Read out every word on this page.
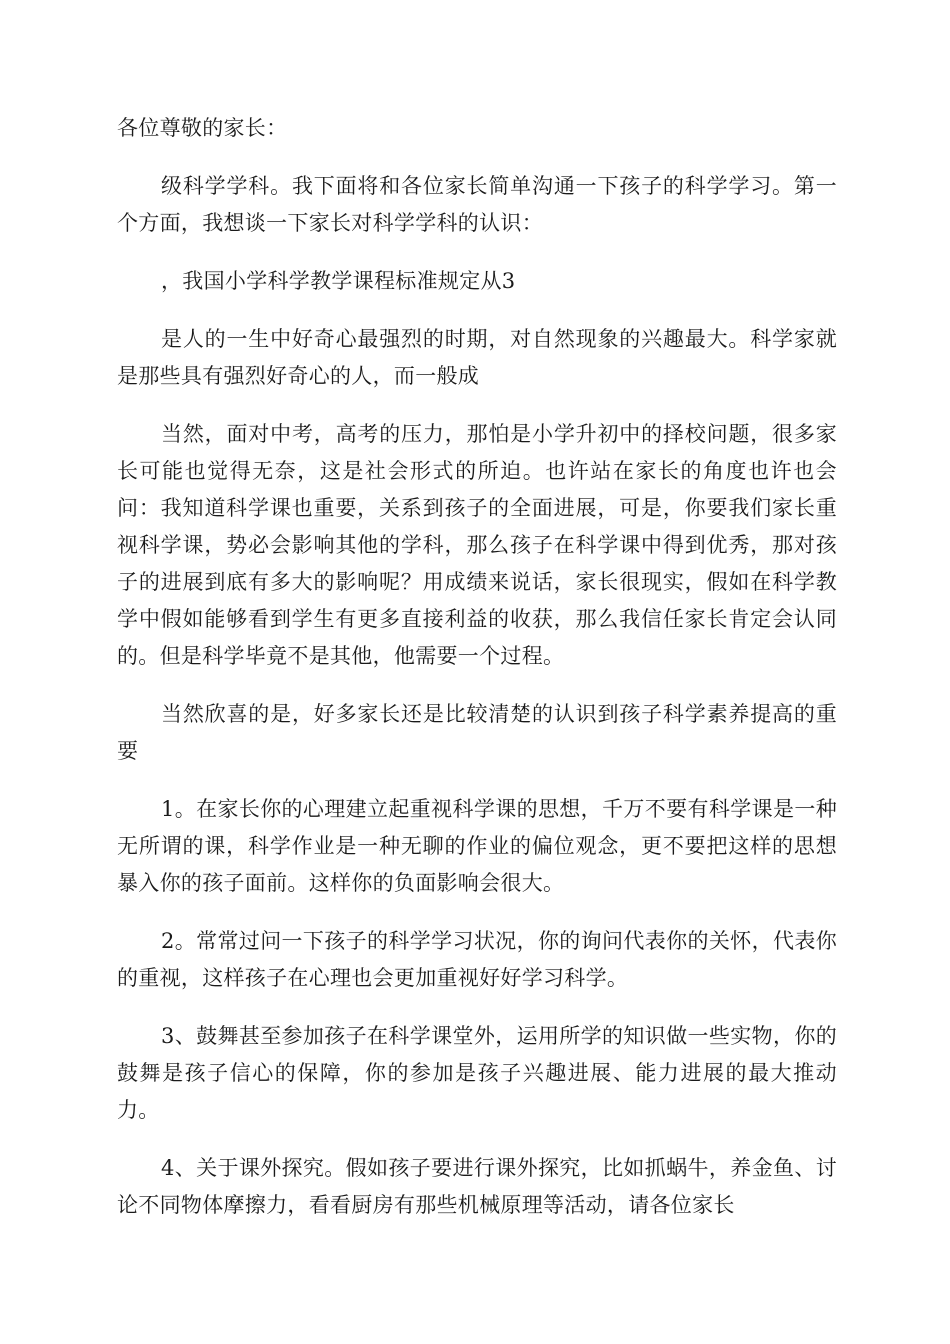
各位尊敬的家长：

级科学学科。我下面将和各位家长简单沟通一下孩子的科学学习。第一个方面，我想谈一下家长对科学学科的认识：

，我国小学科学教学课程标准规定从3

是人的一生中好奇心最强烈的时期，对自然现象的兴趣最大。科学家就是那些具有强烈好奇心的人，而一般成

当然，面对中考，高考的压力，那怕是小学升初中的择校问题，很多家长可能也觉得无奈，这是社会形式的所迫。也许站在家长的角度也许也会问：我知道科学课也重要，关系到孩子的全面进展，可是，你要我们家长重视科学课，势必会影响其他的学科，那么孩子在科学课中得到优秀，那对孩子的进展到底有多大的影响呢？用成绩来说话，家长很现实，假如在科学教学中假如能够看到学生有更多直接利益的收获，那么我信任家长肯定会认同的。但是科学毕竟不是其他，他需要一个过程。

当然欣喜的是，好多家长还是比较清楚的认识到孩子科学素养提高的重要

1。在家长你的心理建立起重视科学课的思想，千万不要有科学课是一种无所谓的课，科学作业是一种无聊的作业的偏位观念，更不要把这样的思想暴入你的孩子面前。这样你的负面影响会很大。

2。常常过问一下孩子的科学学习状况，你的询问代表你的关怀，代表你的重视，这样孩子在心理也会更加重视好好学习科学。

3、鼓舞甚至参加孩子在科学课堂外，运用所学的知识做一些实物，你的鼓舞是孩子信心的保障，你的参加是孩子兴趣进展、能力进展的最大推动力。

4、关于课外探究。假如孩子要进行课外探究，比如抓蜗牛，养金鱼、讨论不同物体摩擦力，看看厨房有那些机械原理等活动，请各位家长
